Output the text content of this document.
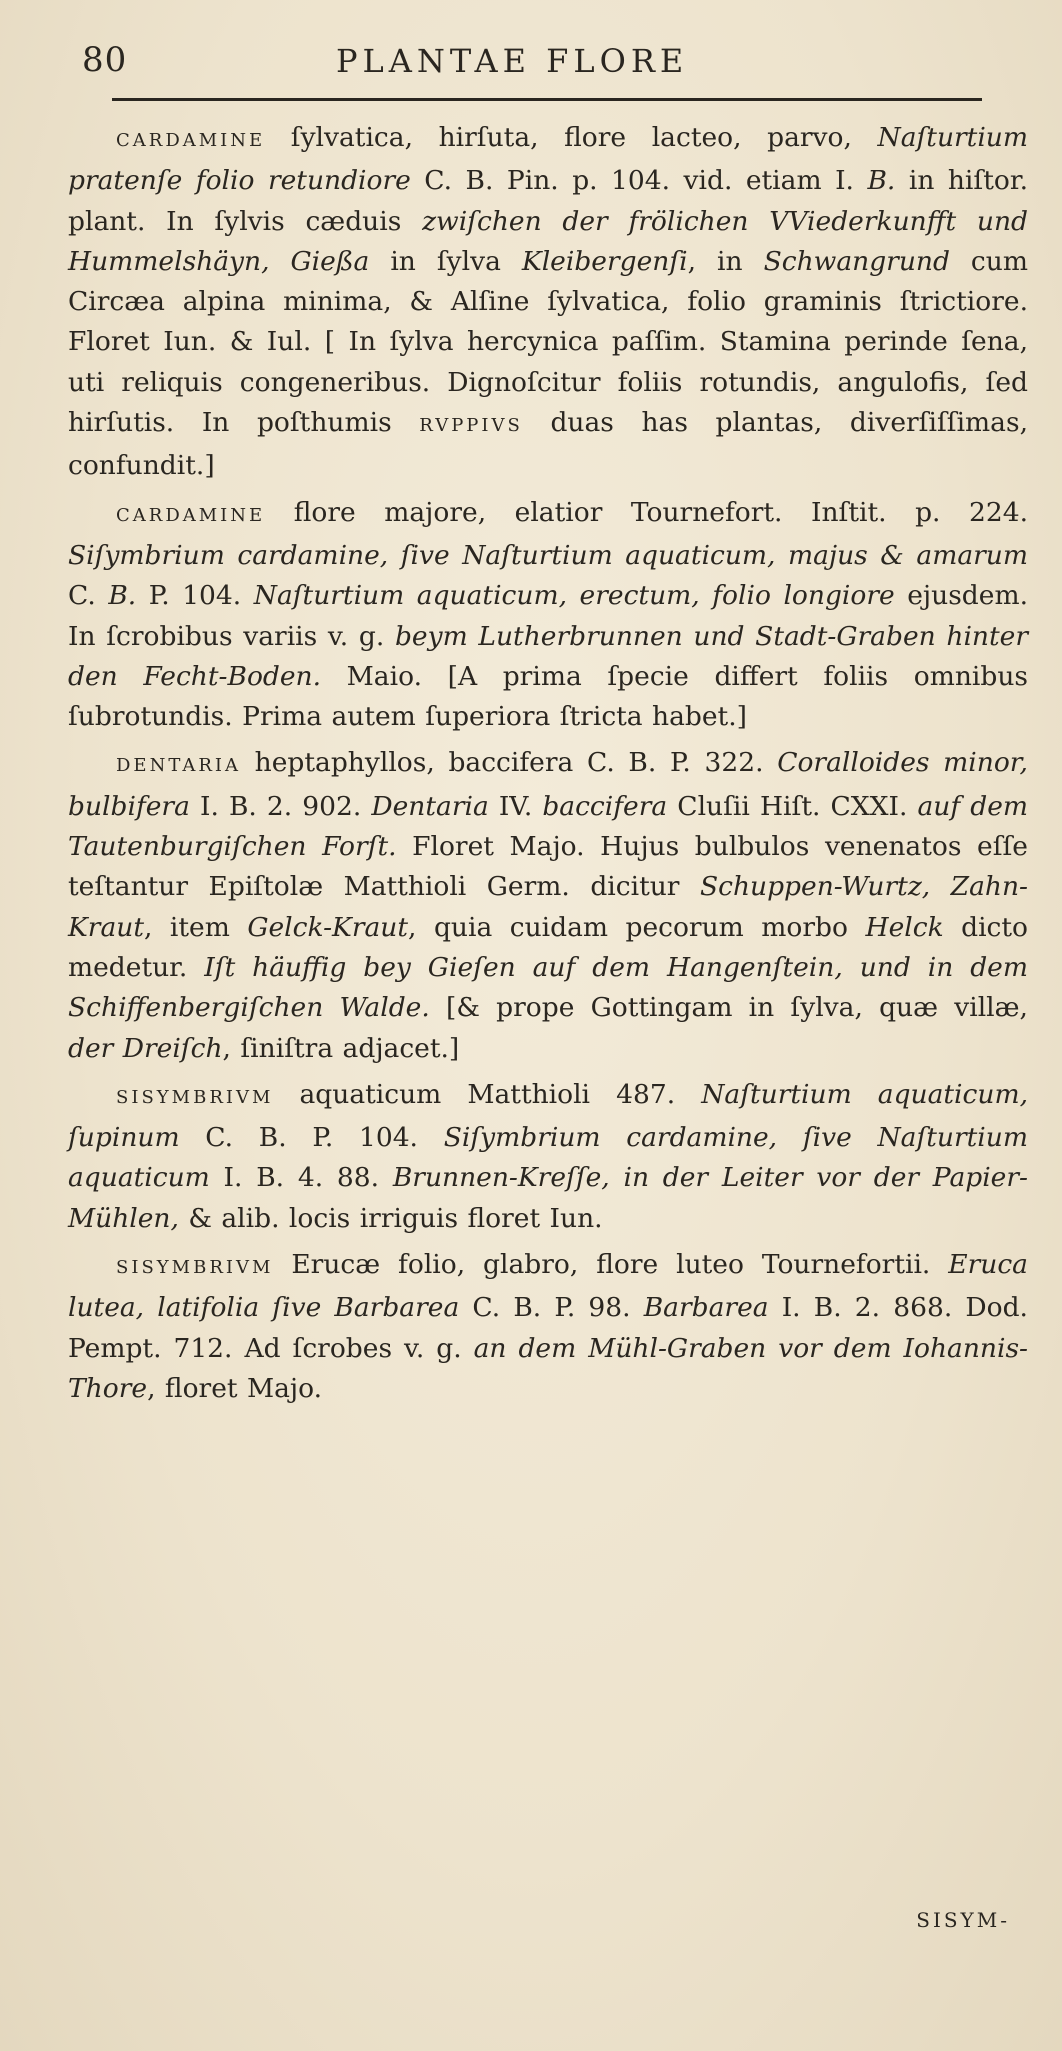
80	PLANTAE FLORE

CARDAMINE ſylvatica, hirſuta, flore lacteo, parvo, Naſturtium pratenſe folio retundiore C. B. Pin. p. 104. vid. etiam I. B. in hiſtor. plant. In ſylvis cæduis zwiſchen der frölichen VViederkunfft und Hummelshäyn, Gießa in ſylva Kleibergenſi, in Schwangrund cum Circæa alpina minima, & Alſine ſylvatica, folio graminis ſtrictiore. Floret Iun. & Iul. [ In ſylva hercynica paſſim. Stamina perinde ſena, uti reliquis congeneribus. Dignoſcitur foliis rotundis, angulofis, ſed hirſutis. In poſthumis RVPPIVS duas has plantas, diverſiſſimas, confundit.]

CARDAMINE flore majore, elatior Tournefort. Inſtit. p. 224. Siſymbrium cardamine, ſive Naſturtium aquaticum, majus & amarum C. B. P. 104. Naſturtium aquaticum, erectum, folio longiore ejusdem. In ſcrobibus variis v. g. beym Lutherbrunnen und Stadt-Graben hinter den Fecht-Boden. Maio. [A prima ſpecie differt foliis omnibus ſubrotundis. Prima autem ſuperiora ſtricta habet.]

DENTARIA heptaphyllos, baccifera C. B. P. 322. Coralloides minor, bulbifera I. B. 2. 902. Dentaria IV. baccifera Cluſii Hiſt. CXXI. auf dem Tautenburgiſchen Forſt. Floret Majo. Hujus bulbulos venenatos eſſe teſtantur Epiſtolæ Matthioli Germ. dicitur Schuppen-Wurtz, Zahn-Kraut, item Gelck-Kraut, quia cuidam pecorum morbo Helck dicto medetur. Iſt häuffig bey Gieſen auf dem Hangenſtein, und in dem Schiffenbergiſchen Walde. [& prope Gottingam in ſylva, quæ villæ, der Dreiſch, ſiniſtra adjacet.]

SISYMBRIVM aquaticum Matthioli 487. Naſturtium aquaticum, ſupinum C. B. P. 104. Siſymbrium cardamine, ſive Naſturtium aquaticum I. B. 4. 88. Brunnen-Kreſſe, in der Leiter vor der Papier-Mühlen, & alib. locis irriguis floret Iun.

SISYMBRIVM Erucæ folio, glabro, flore luteo Tournefortii. Eruca lutea, latifolia ſive Barbarea C. B. P. 98. Barbarea I. B. 2. 868. Dod. Pempt. 712. Ad ſcrobes v. g. an dem Mühl-Graben vor dem Iohannis-Thore, floret Majo.

SISYM-
